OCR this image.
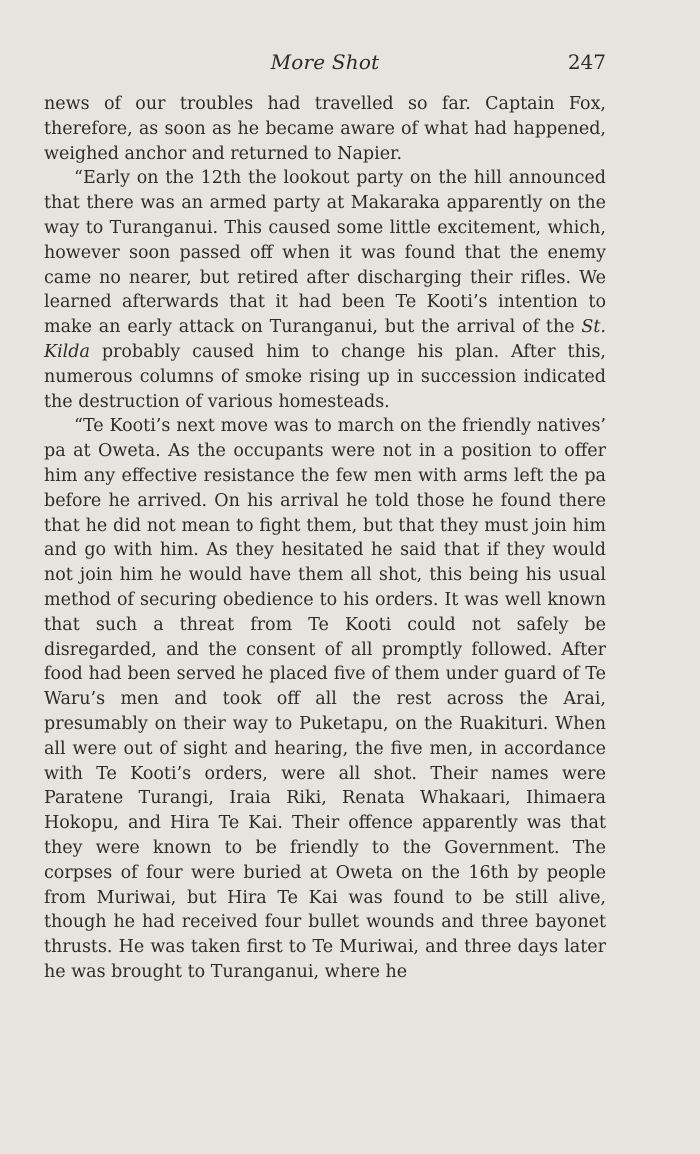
More Shot	247

news of our troubles had travelled so far. Captain Fox, therefore, as soon as he became aware of what had happened, weighed anchor and returned to Napier.

“Early on the 12th the lookout party on the hill announced that there was an armed party at Makaraka apparently on the way to Turanganui. This caused some little excitement, which, however soon passed off when it was found that the enemy came no nearer, but retired after discharging their rifles. We learned afterwards that it had been Te Kooti’s intention to make an early attack on Turanganui, but the arrival of the St. Kilda probably caused him to change his plan. After this, numerous columns of smoke rising up in succession indicated the destruction of various homesteads.

“Te Kooti’s next move was to march on the friendly natives’ pa at Oweta. As the occupants were not in a position to offer him any effective resistance the few men with arms left the pa before he arrived. On his arrival he told those he found there that he did not mean to fight them, but that they must join him and go with him. As they hesitated he said that if they would not join him he would have them all shot, this being his usual method of securing obedience to his orders. It was well known that such a threat from Te Kooti could not safely be disregarded, and the consent of all promptly followed. After food had been served he placed five of them under guard of Te Waru’s men and took off all the rest across the Arai, presumably on their way to Puketapu, on the Ruakituri. When all were out of sight and hearing, the five men, in accordance with Te Kooti’s orders, were all shot. Their names were Paratene Turangi, Iraia Riki, Renata Whakaari, Ihimaera Hokopu, and Hira Te Kai. Their offence apparently was that they were known to be friendly to the Government. The corpses of four were buried at Oweta on the 16th by people from Muriwai, but Hira Te Kai was found to be still alive, though he had received four bullet wounds and three bayonet thrusts. He was taken first to Te Muriwai, and three days later he was brought to Turanganui, where he
